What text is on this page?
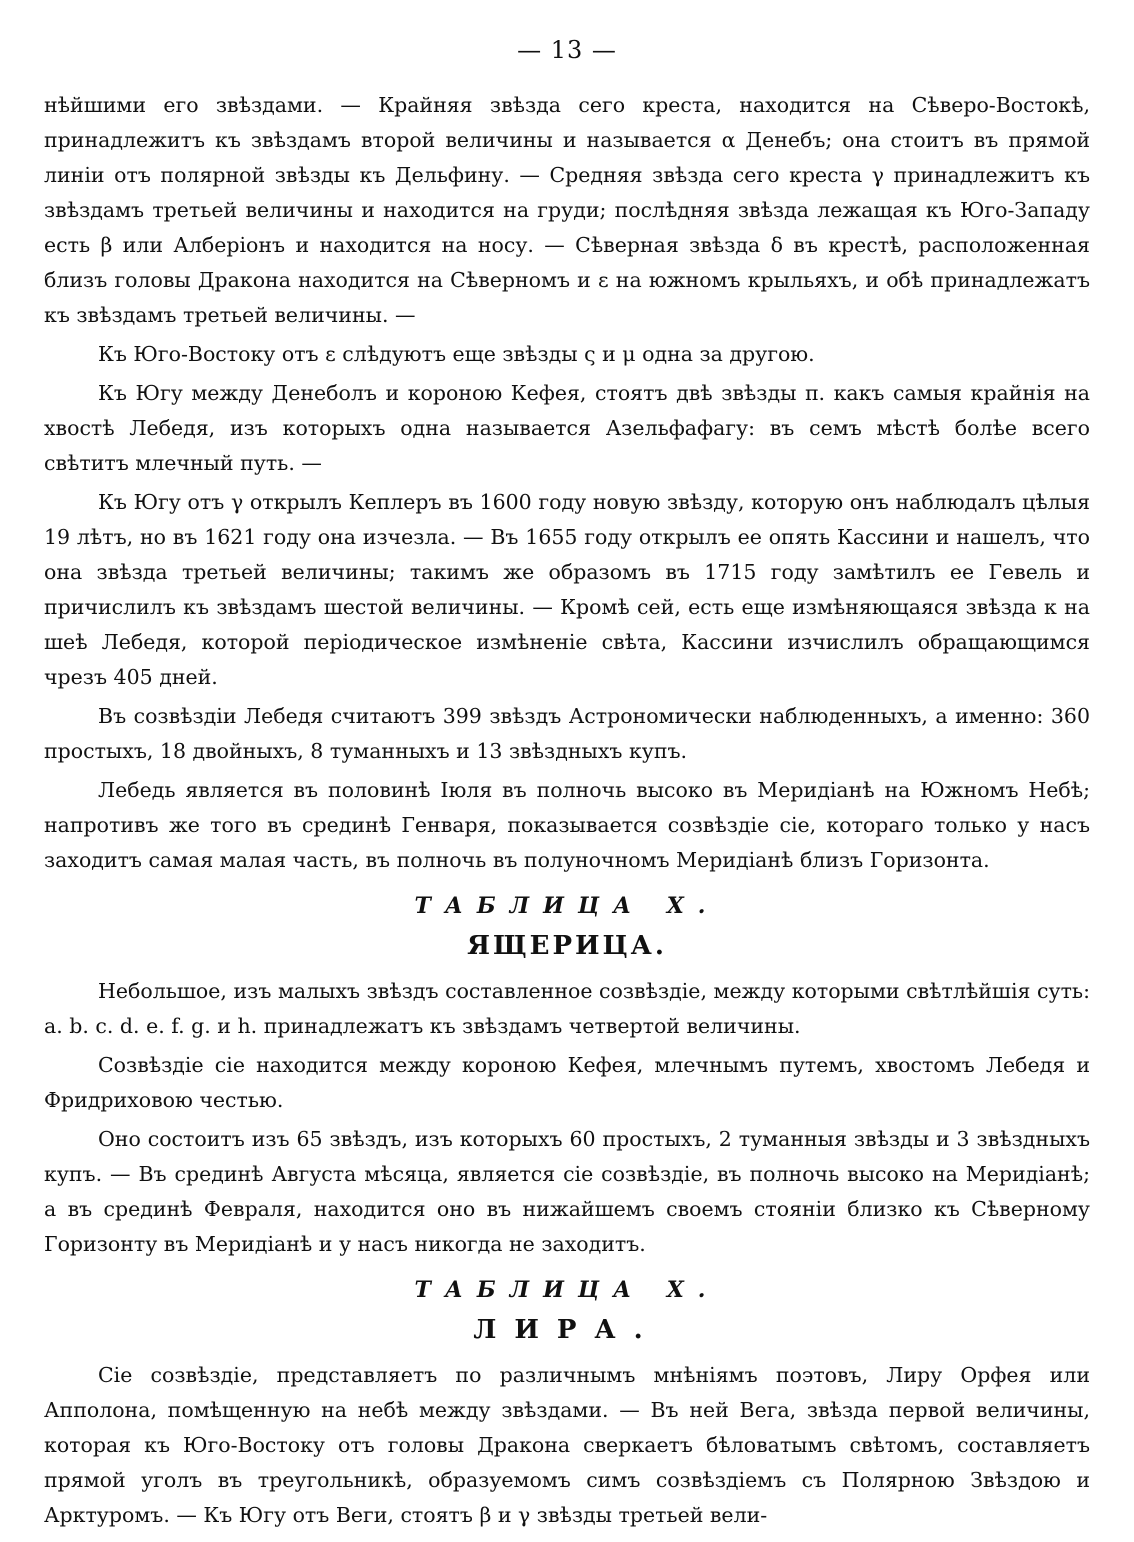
— 13 —

нѣйшими его звѣздами. — Крайняя звѣзда сего креста, находится на Сѣверо-Востокѣ, принадлежитъ къ звѣздамъ второй величины и называется α Денебъ; она стоитъ въ прямой линіи отъ полярной звѣзды къ Дельфину. — Средняя звѣзда сего креста γ принадлежитъ къ звѣздамъ третьей величины и находится на груди; послѣдняя звѣзда лежащая къ Юго-Западу есть β или Алберіонъ и находится на носу. — Сѣверная звѣзда δ въ крестѣ, расположенная близъ головы Дракона находится на Сѣверномъ и ε на южномъ крыльяхъ, и обѣ принадлежатъ къ звѣздамъ третьей величины. —

Къ Юго-Востоку отъ ε слѣдуютъ еще звѣзды ς и μ одна за другою.

Къ Югу между Денеболъ и короною Кефея, стоятъ двѣ звѣзды π. какъ самыя крайнія на хвостѣ Лебедя, изъ которыхъ одна называется Азельфафагу: въ семъ мѣстѣ болѣе всего свѣтитъ млечный путь. —

Къ Югу отъ γ открылъ Кеплеръ въ 1600 году новую звѣзду, которую онъ наблюдалъ цѣлыя 19 лѣтъ, но въ 1621 году она изчезла. — Въ 1655 году открылъ ее опять Кассини и нашелъ, что она звѣзда третьей величины; такимъ же образомъ въ 1715 году замѣтилъ ее Гевель и причислилъ къ звѣздамъ шестой величины. — Кромѣ сей, есть еще измѣняющаяся звѣзда κ на шеѣ Лебедя, которой періодическое измѣненіе свѣта, Кассини изчислилъ обращающимся чрезъ 405 дней.

Въ созвѣздіи Лебедя считаютъ 399 звѣздъ Астрономически наблюденныхъ, а именно: 360 простыхъ, 18 двойныхъ, 8 туманныхъ и 13 звѣздныхъ купъ.

Лебедь является въ половинѣ Іюля въ полночь высоко въ Меридіанѣ на Южномъ Небѣ; напротивъ же того въ срединѣ Генваря, показывается созвѣздіе сіе, котораго только у насъ заходитъ самая малая часть, въ полночь въ полуночномъ Меридіанѣ близъ Горизонта.

ТАБЛИЦА X.
ЯЩЕРИЦА.

Небольшое, изъ малыхъ звѣздъ составленное созвѣздіе, между которыми свѣтлѣйшія суть: a. b. c. d. e. f. g. и h. принадлежатъ къ звѣздамъ четвертой величины.

Созвѣздіе сіе находится между короною Кефея, млечнымъ путемъ, хвостомъ Лебедя и Фридриховою честью.

Оно состоитъ изъ 65 звѣздъ, изъ которыхъ 60 простыхъ, 2 туманныя звѣзды и 3 звѣздныхъ купъ. — Въ срединѣ Августа мѣсяца, является сіе созвѣздіе, въ полночь высоко на Меридіанѣ; а въ срединѣ Февраля, находится оно въ нижайшемъ своемъ стояніи близко къ Сѣверному Горизонту въ Меридіанѣ и у насъ никогда не заходитъ.

ТАБЛИЦА X.
ЛИРА.

Сіе созвѣздіе, представляетъ по различнымъ мнѣніямъ поэтовъ, Лиру Орфея или Апполона, помѣщенную на небѣ между звѣздами. — Въ ней Вега, звѣзда первой величины, которая къ Юго-Востоку отъ головы Дракона сверкаетъ бѣловатымъ свѣтомъ, составляетъ прямой уголъ въ треугольникѣ, образуемомъ симъ созвѣздіемъ съ Полярною Звѣздою и Арктуромъ. — Къ Югу отъ Веги, стоятъ β и γ звѣзды третьей вели-
